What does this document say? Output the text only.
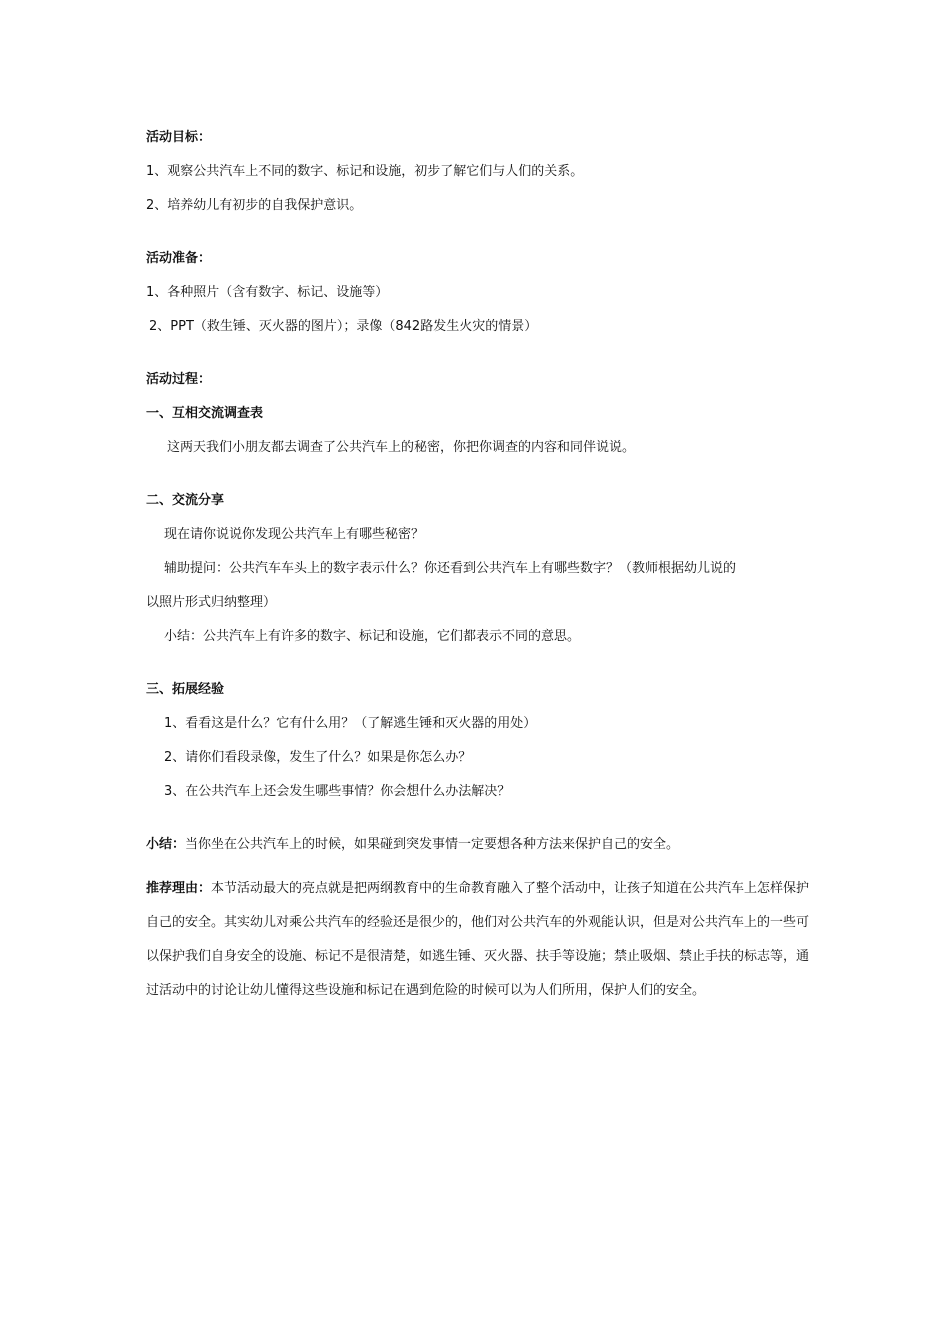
活动目标：

1、观察公共汽车上不同的数字、标记和设施，初步了解它们与人们的关系。

2、培养幼儿有初步的自我保护意识。

活动准备：

1、各种照片（含有数字、标记、设施等）

2、PPT（救生锤、灭火器的图片）；录像（842路发生火灾的情景）

活动过程：

一、互相交流调查表

这两天我们小朋友都去调查了公共汽车上的秘密，你把你调查的内容和同伴说说。

二、交流分享

现在请你说说你发现公共汽车上有哪些秘密？

辅助提问：公共汽车车头上的数字表示什么？你还看到公共汽车上有哪些数字？（教师根据幼儿说的

以照片形式归纳整理）

小结：公共汽车上有许多的数字、标记和设施，它们都表示不同的意思。

三、拓展经验

1、看看这是什么？它有什么用？（了解逃生锤和灭火器的用处）

2、请你们看段录像，发生了什么？如果是你怎么办？

3、在公共汽车上还会发生哪些事情？你会想什么办法解决？

小结：当你坐在公共汽车上的时候，如果碰到突发事情一定要想各种方法来保护自己的安全。

推荐理由：本节活动最大的亮点就是把两纲教育中的生命教育融入了整个活动中，让孩子知道在公共汽车上怎样保护自己的安全。其实幼儿对乘公共汽车的经验还是很少的，他们对公共汽车的外观能认识，但是对公共汽车上的一些可以保护我们自身安全的设施、标记不是很清楚，如逃生锤、灭火器、扶手等设施；禁止吸烟、禁止手扶的标志等，通过活动中的讨论让幼儿懂得这些设施和标记在遇到危险的时候可以为人们所用，保护人们的安全。
